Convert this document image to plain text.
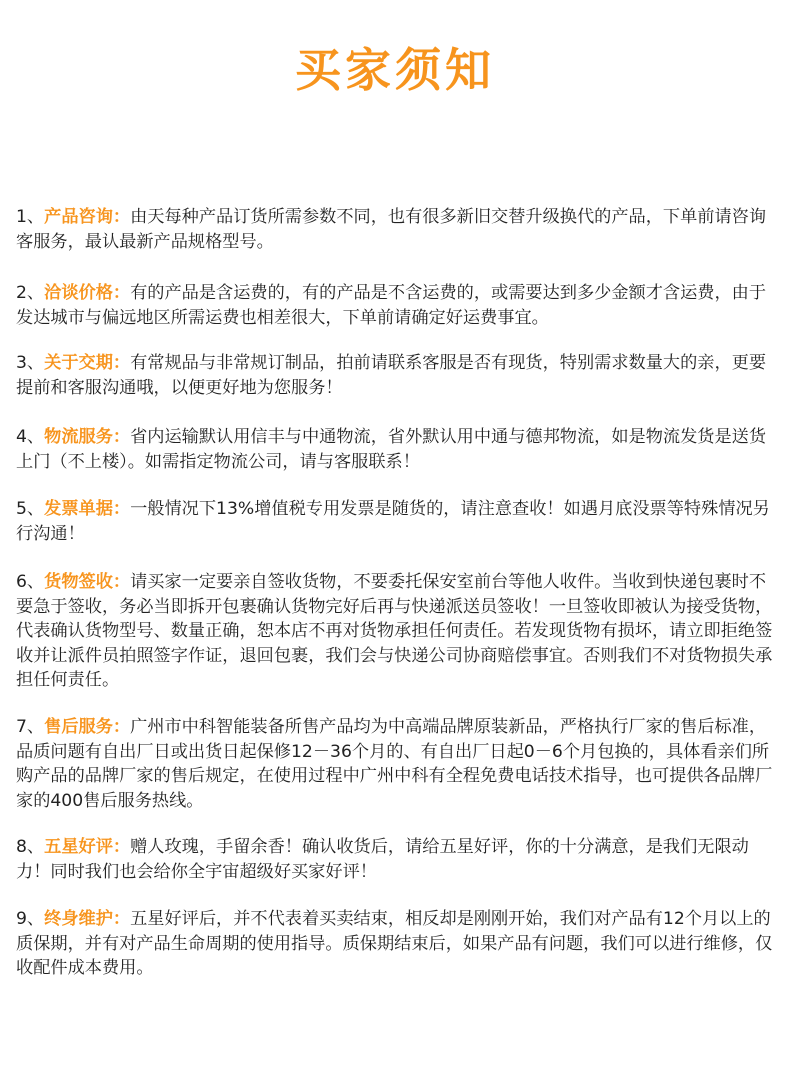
买家须知

1、产品咨询：由天每种产品订货所需参数不同，也有很多新旧交替升级换代的产品，下单前请咨询客服务，最认最新产品规格型号。

2、洽谈价格：有的产品是含运费的，有的产品是不含运费的，或需要达到多少金额才含运费，由于发达城市与偏远地区所需运费也相差很大，下单前请确定好运费事宜。

3、关于交期：有常规品与非常规订制品，拍前请联系客服是否有现货，特别需求数量大的亲，更要提前和客服沟通哦，以便更好地为您服务！

4、物流服务：省内运输默认用信丰与中通物流，省外默认用中通与德邦物流，如是物流发货是送货上门（不上楼）。如需指定物流公司，请与客服联系！

5、发票单据：一般情况下13%增值税专用发票是随货的，请注意查收！如遇月底没票等特殊情况另行沟通！

6、货物签收：请买家一定要亲自签收货物，不要委托保安室前台等他人收件。当收到快递包裹时不要急于签收，务必当即拆开包裹确认货物完好后再与快递派送员签收！一旦签收即被认为接受货物，代表确认货物型号、数量正确，恕本店不再对货物承担任何责任。若发现货物有损坏，请立即拒绝签收并让派件员拍照签字作证，退回包裹，我们会与快递公司协商赔偿事宜。否则我们不对货物损失承担任何责任。

7、售后服务：广州市中科智能装备所售产品均为中高端品牌原装新品，严格执行厂家的售后标准，品质问题有自出厂日或出货日起保修12－36个月的、有自出厂日起0－6个月包换的，具体看亲们所购产品的品牌厂家的售后规定，在使用过程中广州中科有全程免费电话技术指导，也可提供各品牌厂家的400售后服务热线。

8、五星好评：赠人玫瑰，手留余香！确认收货后，请给五星好评，你的十分满意，是我们无限动力！同时我们也会给你全宇宙超级好买家好评！

9、终身维护：五星好评后，并不代表着买卖结束，相反却是刚刚开始，我们对产品有12个月以上的质保期，并有对产品生命周期的使用指导。质保期结束后，如果产品有问题，我们可以进行维修，仅收配件成本费用。
